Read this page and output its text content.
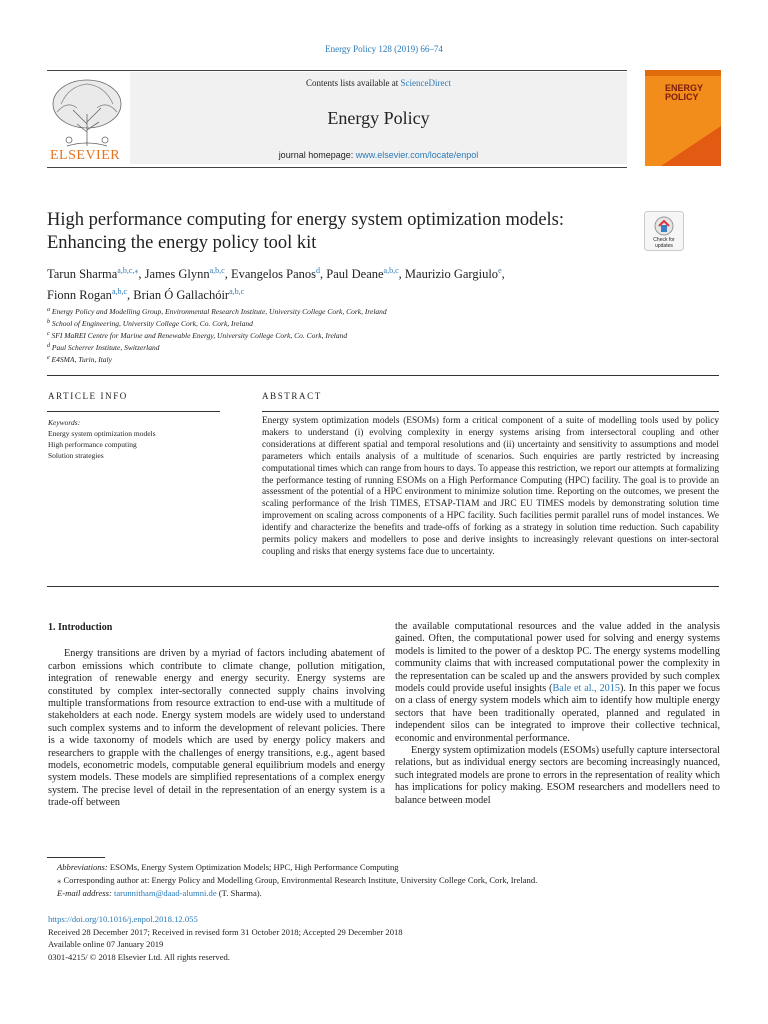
Energy Policy 128 (2019) 66–74
ELSEVIER
Contents lists available at ScienceDirect
Energy Policy
journal homepage: www.elsevier.com/locate/enpol
ENERGY
POLICY
High performance computing for energy system optimization models:
Enhancing the energy policy tool kit	Check for updates
Tarun Sharma$^{a,b,c,⁎}$, James Glynn$^{a,b,c}$, Evangelos Panos$^d$, Paul Deane$^{a,b,c}$, Maurizio Gargiulo$^e$,
Fionn Rogan$^{a,b,c}$, Brian Ó Gallachóir$^{a,b,c}$
$^a$ Energy Policy and Modelling Group, Environmental Research Institute, University College Cork, Cork, Ireland
$^b$ School of Engineering, University College Cork, Co. Cork, Ireland
$^c$ SFI MaREI Centre for Marine and Renewable Energy, University College Cork, Co. Cork, Ireland
$^d$ Paul Scherrer Institute, Switzerland
$^e$ E4SMA, Turin, Italy
ARTICLE INFO	ABSTRACT
Keywords:
Energy system optimization models
High performance computing
Solution strategies
Energy system optimization models (ESOMs) form a critical component of a suite of modelling tools used by policy makers to understand (i) evolving complexity in energy systems arising from intersectoral coupling and other considerations at different spatial and temporal resolutions and (ii) uncertainty and sensitivity to assumptions and model parameters which entails analysis of a multitude of scenarios. Such enquiries are partly restricted by increasing computational times which can range from hours to days. To appease this restriction, we report our attempts at formalizing the performance testing of running ESOMs on a High Performance Computing (HPC) facility. The goal is to provide an assessment of the potential of a HPC environment to minimize solution time. Reporting on the outcomes, we present the scaling performance of the Irish TIMES, ETSAP-TIAM and JRC EU TIMES models by demonstrating solution time improvement on scaling across components of a HPC facility. Such facilities permit parallel runs of model instances. We identify and characterize the benefits and trade-offs of forking as a strategy in solution time reduction. Such capability permits policy makers and modellers to pose and derive insights to increasingly relevant questions on inter-sectoral coupling and risks that energy systems face due to uncertainty.
1. Introduction

Energy transitions are driven by a myriad of factors including abatement of carbon emissions which contribute to climate change, pollution mitigation, integration of renewable energy and energy security. Energy systems are constituted by complex inter-sectorally connected supply chains involving multiple transformations from resource extraction to end-use with a multitude of stakeholders at each node. Energy system models are widely used to understand such complex systems and to inform the development of relevant policies. There is a wide taxonomy of models which are used by energy policy makers and researchers to grapple with the challenges of energy transitions, e.g., agent based models, econometric models, computable general equilibrium models and energy system models. These models are simplified representations of a complex energy system. The precise level of detail in the representation of an energy system is a trade-off between

the available computational resources and the value added in the analysis gained. Often, the computational power used for solving and energy systems models is limited to the power of a desktop PC. The energy systems modelling community claims that with increased computational power the complexity in the representation can be scaled up and the answers provided by such complex models could provide useful insights (Bale et al., 2015). In this paper we focus on a class of energy system models which aim to identify how multiple energy sectors that have been traditionally operated, planned and regulated in independent silos can be integrated to improve their collective technical, economic and environmental performance.

Energy system optimization models (ESOMs) usefully capture intersectoral relations, but as individual energy sectors are becoming increasingly nuanced, such integrated models are prone to errors in the representation of reality which has implications for policy making. ESOM researchers and modellers need to balance between model

Abbreviations: ESOMs, Energy System Optimization Models; HPC, High Performance Computing
⁎ Corresponding author at: Energy Policy and Modelling Group, Environmental Research Institute, University College Cork, Cork, Ireland.
E-mail address: tarunnitham@daad-alumni.de (T. Sharma).
https://doi.org/10.1016/j.enpol.2018.12.055
Received 28 December 2017; Received in revised form 31 October 2018; Accepted 29 December 2018
Available online 07 January 2019
0301-4215/ © 2018 Elsevier Ltd. All rights reserved.
